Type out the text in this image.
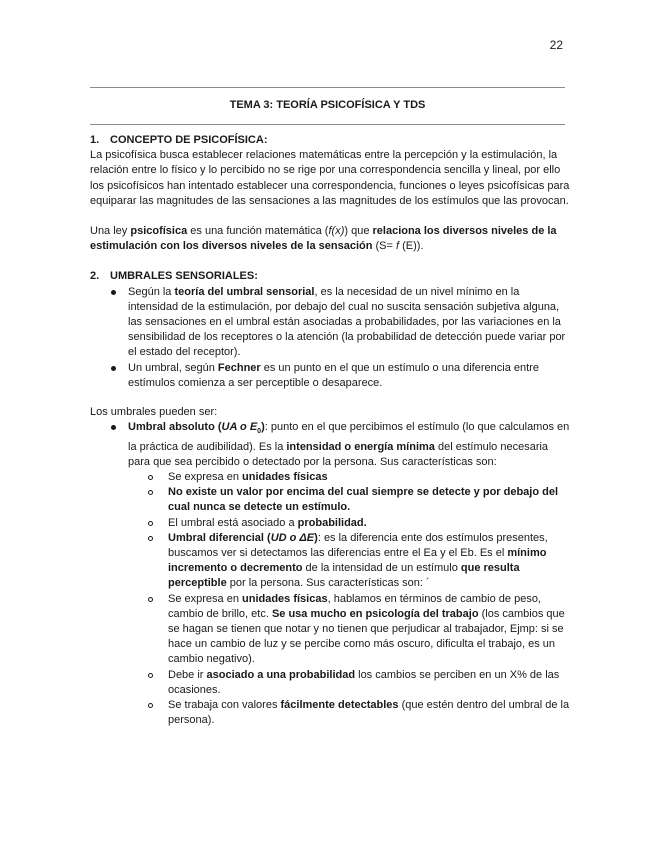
22
TEMA 3: TEORÍA PSICOFÍSICA Y TDS

1. CONCEPTO DE PSICOFÍSICA:

La psicofísica busca establecer relaciones matemáticas entre la percepción y la estimulación, la relación entre lo físico y lo percibido no se rige por una correspondencia sencilla y lineal, por ello los psicofísicos han intentado establecer una correspondencia, funciones o leyes psicofísicas para equiparar las magnitudes de las sensaciones a las magnitudes de los estímulos que las provocan.

Una ley psicofísica es una función matemática (f(x)) que relaciona los diversos niveles de la estimulación con los diversos niveles de la sensación (S= f (E)).

2. UMBRALES SENSORIALES:

Según la teoría del umbral sensorial, es la necesidad de un nivel mínimo en la intensidad de la estimulación, por debajo del cual no suscita sensación subjetiva alguna, las sensaciones en el umbral están asociadas a probabilidades, por las variaciones en la sensibilidad de los receptores o la atención (la probabilidad de detección puede variar por el estado del receptor).
Un umbral, según Fechner es un punto en el que un estímulo o una diferencia entre estímulos comienza a ser perceptible o desaparece.

Los umbrales pueden ser:

Umbral absoluto (UA o $E_0$): punto en el que percibimos el estímulo (lo que calculamos en la práctica de audibilidad). Es la intensidad o energía mínima del estímulo necesaria para que sea percibido o detectado por la persona. Sus características son:
Se expresa en unidades físicas
No existe un valor por encima del cual siempre se detecte y por debajo del cual nunca se detecte un estímulo.
El umbral está asociado a probabilidad.
Umbral diferencial (UD o ΔE): es la diferencia ente dos estímulos presentes, buscamos ver si detectamos las diferencias entre el Ea y el Eb. Es el mínimo incremento o decremento de la intensidad de un estímulo que resulta perceptible por la persona. Sus características son: ´
Se expresa en unidades físicas, hablamos en términos de cambio de peso, cambio de brillo, etc. Se usa mucho en psicología del trabajo (los cambios que se hagan se tienen que notar y no tienen que perjudicar al trabajador, Ejmp: si se hace un cambio de luz y se percibe como más oscuro, dificulta el trabajo, es un cambio negativo).
Debe ir asociado a una probabilidad los cambios se perciben en un X% de las ocasiones.
Se trabaja con valores fácilmente detectables (que estén dentro del umbral de la persona).
